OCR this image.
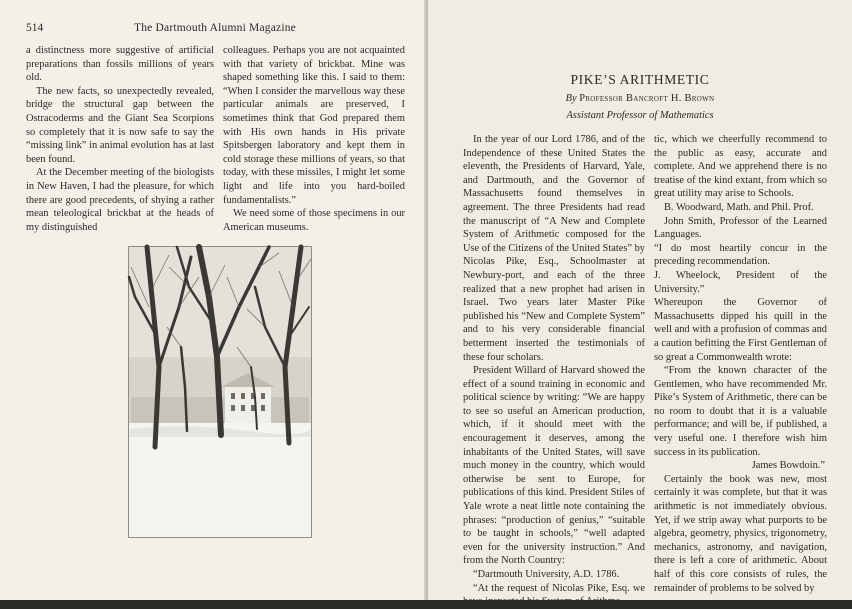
514	The Dartmouth Alumni Magazine

a distinctness more suggestive of artificial preparations than fossils millions of years old.

The new facts, so unexpectedly revealed, bridge the structural gap between the Ostracoderms and the Giant Sea Scorpions so completely that it is now safe to say the “missing link” in animal evolution has at last been found.

At the December meeting of the biologists in New Haven, I had the pleasure, for which there are good precedents, of shying a rather mean teleological brickbat at the heads of my distinguished

colleagues. Perhaps you are not acquainted with that variety of brickbat. Mine was shaped something like this. I said to them: “When I consider the marvellous way these particular animals are preserved, I sometimes think that God prepared them with His own hands in His private Spitsbergen laboratory and kept them in cold storage these millions of years, so that today, with these missiles, I might let some light and life into you hard-boiled fundamentalists.”

We need some of those specimens in our American museums.

PIKE’S ARITHMETIC
By Professor Bancroft H. Brown
Assistant Professor of Mathematics

In the year of our Lord 1786, and of the Independence of these United States the eleventh, the Presidents of Harvard, Yale, and Dartmouth, and the Governor of Massachusetts found themselves in agreement. The three Presidents had read the manuscript of “A New and Complete System of Arithmetic composed for the Use of the Citizens of the United States” by Nicolas Pike, Esq., Schoolmaster at Newbury-port, and each of the three realized that a new prophet had arisen in Israel. Two years later Master Pike published his “New and Complete System” and to his very considerable financial betterment inserted the testimonials of these four scholars.

President Willard of Harvard showed the effect of a sound training in economic and political science by writing: “We are happy to see so useful an American production, which, if it should meet with the encouragement it deserves, among the inhabitants of the United States, will save much money in the country, which would otherwise be sent to Europe, for publications of this kind. President Stiles of Yale wrote a neat little note containing the phrases: “production of genius,” “suitable to be taught in schools,” “well adapted even for the university instruction.” And from the North Country:

“Dartmouth University, A.D. 1786.

“At the request of Nicolas Pike, Esq. we have inspected his System of Arithme-

tic, which we cheerfully recommend to the public as easy, accurate and complete. And we apprehend there is no treatise of the kind extant, from which so great utility may arise to Schools.

B. Woodward, Math. and Phil. Prof.

John Smith, Professor of the Learned Languages.

“I do most heartily concur in the preceding recommendation.

J. Wheelock, President of the University.”

Whereupon the Governor of Massachusetts dipped his quill in the well and with a profusion of commas and a caution befitting the First Gentleman of so great a Commonwealth wrote:

“From the known character of the Gentlemen, who have recommended Mr. Pike’s System of Arithmetic, there can be no room to doubt that it is a valuable performance; and will be, if published, a very useful one. I therefore wish him success in its publication.

James Bowdoin.”

Certainly the book was new, most certainly it was complete, but that it was arithmetic is not immediately obvious. Yet, if we strip away what purports to be algebra, geometry, physics, trigonometry, mechanics, astronomy, and navigation, there is left a core of arithmetic. About half of this core consists of rules, the remainder of problems to be solved by
